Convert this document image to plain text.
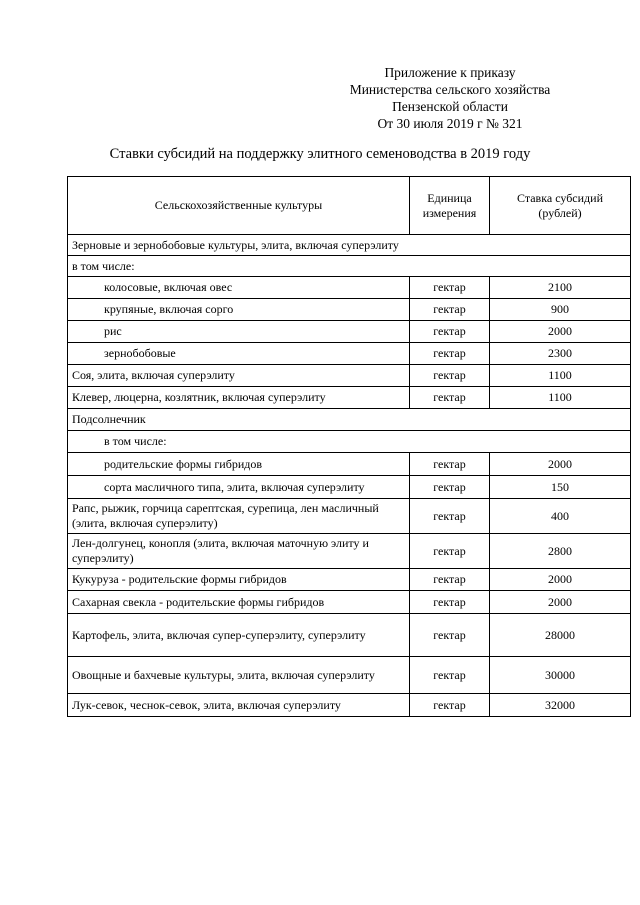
Приложение к приказу
Министерства сельского хозяйства
Пензенской области
От 30 июля 2019 г № 321
Ставки субсидий на поддержку элитного семеноводства в 2019 году
Сельскохозяйственные культуры	Единица измерения	Ставка субсидий (рублей)
Зерновые и зернобобовые культуры, элита, включая суперэлиту		
в том числе:		
колосовые, включая овес	гектар	2100
крупяные, включая сорго	гектар	900
рис	гектар	2000
зернобобовые	гектар	2300
Соя, элита, включая суперэлиту	гектар	1100
Клевер, люцерна, козлятник, включая суперэлиту	гектар	1100
Подсолнечник		
в том числе:		
родительские формы гибридов	гектар	2000
сорта масличного типа, элита, включая суперэлиту	гектар	150
Рапс, рыжик, горчица сарептская, сурепица, лен масличный (элита, включая суперэлиту)	гектар	400
Лен-долгунец, конопля (элита, включая маточную элиту и суперэлиту)	гектар	2800
Кукуруза - родительские формы гибридов	гектар	2000
Сахарная свекла - родительские формы гибридов	гектар	2000
Картофель, элита, включая супер-суперэлиту, суперэлиту	гектар	28000
Овощные и бахчевые культуры, элита, включая суперэлиту	гектар	30000
Лук-севок, чеснок-севок, элита, включая суперэлиту	гектар	32000
